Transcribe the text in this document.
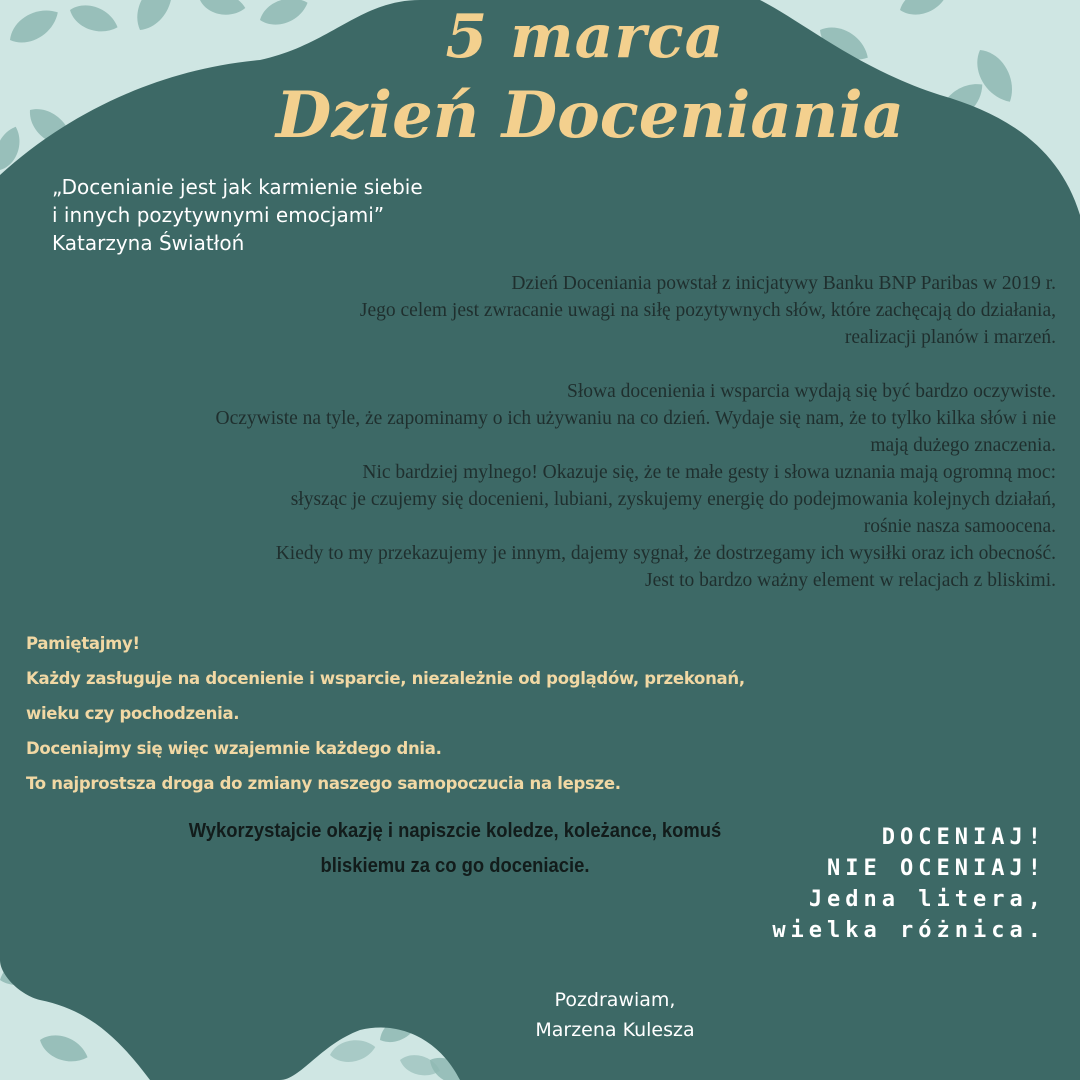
5 marca
Dzień Doceniania
„Docenianie jest jak karmienie siebie
i innych pozytywnymi emocjami”
Katarzyna Światłoń
Dzień Doceniania powstał z inicjatywy Banku BNP Paribas w 2019 r.
Jego celem jest zwracanie uwagi na siłę pozytywnych słów, które zachęcają do działania,
realizacji planów i marzeń.
Słowa docenienia i wsparcia wydają się być bardzo oczywiste.
Oczywiste na tyle, że zapominamy o ich używaniu na co dzień. Wydaje się nam, że to tylko kilka słów i nie
mają dużego znaczenia.
Nic bardziej mylnego! Okazuje się, że te małe gesty i słowa uznania mają ogromną moc:
słysząc je czujemy się docenieni, lubiani, zyskujemy energię do podejmowania kolejnych działań,
rośnie nasza samoocena.
Kiedy to my przekazujemy je innym, dajemy sygnał, że dostrzegamy ich wysiłki oraz ich obecność.
Jest to bardzo ważny element w relacjach z bliskimi.
Pamiętajmy!
Każdy zasługuje na docenienie i wsparcie, niezależnie od poglądów, przekonań,
wieku czy pochodzenia.
Doceniajmy się więc wzajemnie każdego dnia.
To najprostsza droga do zmiany naszego samopoczucia na lepsze.
Wykorzystajcie okazję i napiszcie koledze, koleżance, komuś
bliskiemu za co go doceniacie.
DOCENIAJ!
NIE OCENIAJ!
Jedna litera,
wielka różnica.
Pozdrawiam,
Marzena Kulesza
